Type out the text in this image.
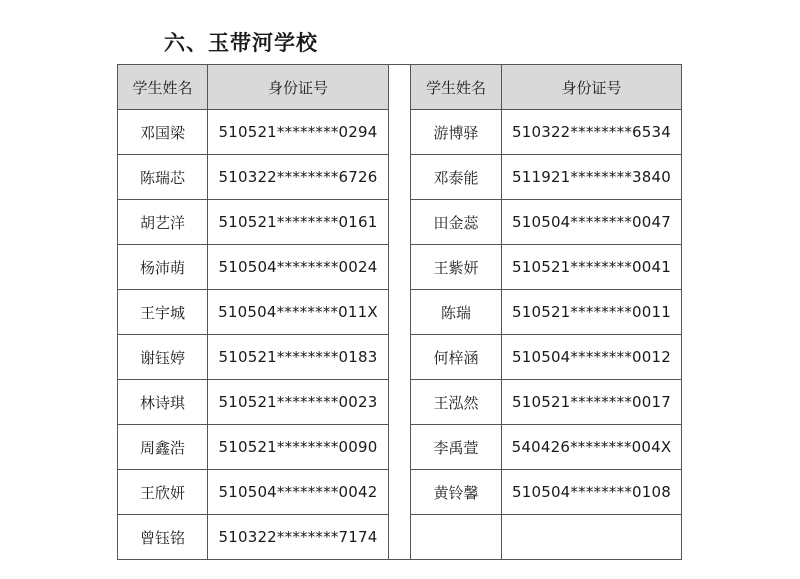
六、玉带河学校
学生姓名	身份证号		学生姓名	身份证号
邓国梁	510521********0294		游博驿	510322********6534
陈瑞芯	510322********6726		邓泰能	511921********3840
胡艺洋	510521********0161		田金蕊	510504********0047
杨沛萌	510504********0024		王紫妍	510521********0041
王宇城	510504********011X		陈瑞	510521********0011
谢钰婷	510521********0183		何梓涵	510504********0012
林诗琪	510521********0023		王泓然	510521********0017
周鑫浩	510521********0090		李禹萱	540426********004X
王欣妍	510504********0042		黄铃馨	510504********0108
曾钰铭	510322********7174			
